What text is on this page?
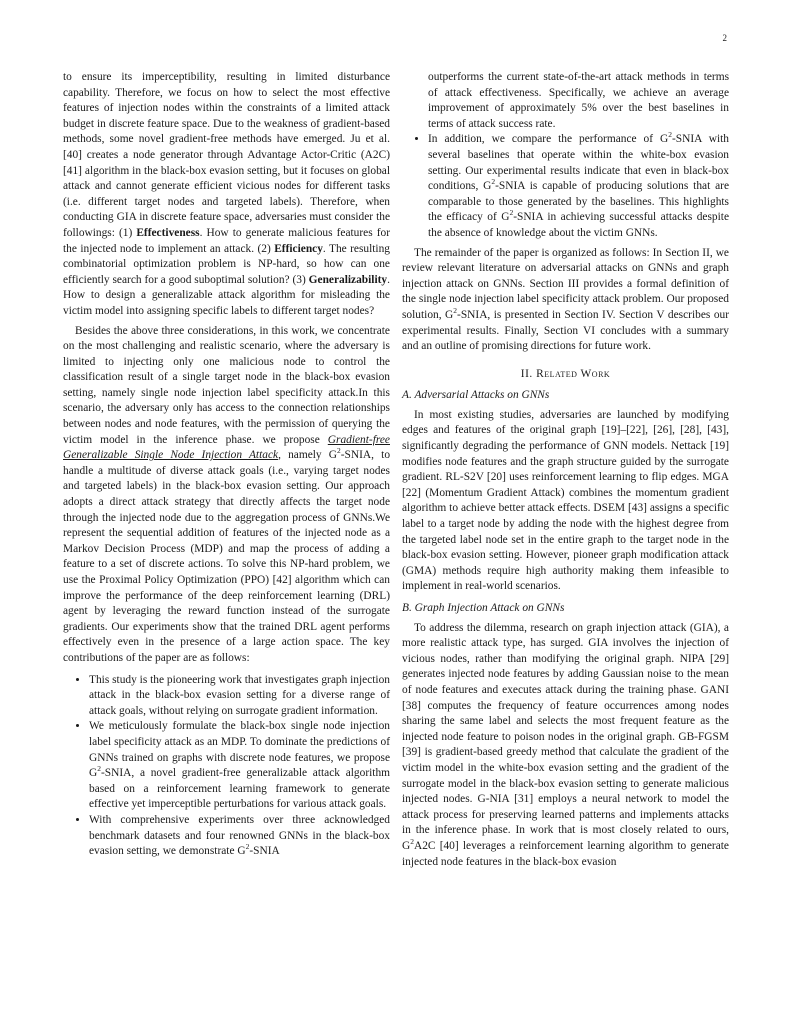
2

to ensure its imperceptibility, resulting in limited disturbance capability. Therefore, we focus on how to select the most effective features of injection nodes within the constraints of a limited attack budget in discrete feature space. Due to the weakness of gradient-based methods, some novel gradient-free methods have emerged. Ju et al. [40] creates a node generator through Advantage Actor-Critic (A2C) [41] algorithm in the black-box evasion setting, but it focuses on global attack and cannot generate efficient vicious nodes for different tasks (i.e. different target nodes and targeted labels). Therefore, when conducting GIA in discrete feature space, adversaries must consider the followings: (1) Effectiveness. How to generate malicious features for the injected node to implement an attack. (2) Efficiency. The resulting combinatorial optimization problem is NP-hard, so how can one efficiently search for a good suboptimal solution? (3) Generalizability. How to design a generalizable attack algorithm for misleading the victim model into assigning specific labels to different target nodes?

Besides the above three considerations, in this work, we concentrate on the most challenging and realistic scenario, where the adversary is limited to injecting only one malicious node to control the classification result of a single target node in the black-box evasion setting, namely single node injection label specificity attack.In this scenario, the adversary only has access to the connection relationships between nodes and node features, with the permission of querying the victim model in the inference phase. we propose Gradient-free Generalizable Single Node Injection Attack, namely $G^2$-SNIA, to handle a multitude of diverse attack goals (i.e., varying target nodes and targeted labels) in the black-box evasion setting. Our approach adopts a direct attack strategy that directly affects the target node through the injected node due to the aggregation process of GNNs.We represent the sequential addition of features of the injected node as a Markov Decision Process (MDP) and map the process of adding a feature to a set of discrete actions. To solve this NP-hard problem, we use the Proximal Policy Optimization (PPO) [42] algorithm which can improve the performance of the deep reinforcement learning (DRL) agent by leveraging the reward function instead of the surrogate gradients. Our experiments show that the trained DRL agent performs effectively even in the presence of a large action space. The key contributions of the paper are as follows:

• This study is the pioneering work that investigates graph injection attack in the black-box evasion setting for a diverse range of attack goals, without relying on surrogate gradient information.
• We meticulously formulate the black-box single node injection label specificity attack as an MDP. To dominate the predictions of GNNs trained on graphs with discrete node features, we propose $G^2$-SNIA, a novel gradient-free generalizable attack algorithm based on a reinforcement learning framework to generate effective yet imperceptible perturbations for various attack goals.
• With comprehensive experiments over three acknowledged benchmark datasets and four renowned GNNs in the black-box evasion setting, we demonstrate $G^2$-SNIA

outperforms the current state-of-the-art attack methods in terms of attack effectiveness. Specifically, we achieve an average improvement of approximately 5% over the best baselines in terms of attack success rate.

• In addition, we compare the performance of $G^2$-SNIA with several baselines that operate within the white-box evasion setting. Our experimental results indicate that even in black-box conditions, $G^2$-SNIA is capable of producing solutions that are comparable to those generated by the baselines. This highlights the efficacy of $G^2$-SNIA in achieving successful attacks despite the absence of knowledge about the victim GNNs.

The remainder of the paper is organized as follows: In Section II, we review relevant literature on adversarial attacks on GNNs and graph injection attack on GNNs. Section III provides a formal definition of the single node injection label specificity attack problem. Our proposed solution, $G^2$-SNIA, is presented in Section IV. Section V describes our experimental results. Finally, Section VI concludes with a summary and an outline of promising directions for future work.

II. Related Work
A. Adversarial Attacks on GNNs

In most existing studies, adversaries are launched by modifying edges and features of the original graph [19]–[22], [26], [28], [43], significantly degrading the performance of GNN models. Nettack [19] modifies node features and the graph structure guided by the surrogate gradient. RL-S2V [20] uses reinforcement learning to flip edges. MGA [22] (Momentum Gradient Attack) combines the momentum gradient algorithm to achieve better attack effects. DSEM [43] assigns a specific label to a target node by adding the node with the highest degree from the targeted label node set in the entire graph to the target node in the black-box evasion setting. However, pioneer graph modification attack (GMA) methods require high authority making them infeasible to implement in real-world scenarios.

B. Graph Injection Attack on GNNs

To address the dilemma, research on graph injection attack (GIA), a more realistic attack type, has surged. GIA involves the injection of vicious nodes, rather than modifying the original graph. NIPA [29] generates injected node features by adding Gaussian noise to the mean of node features and executes attack during the training phase. GANI [38] computes the frequency of feature occurrences among nodes sharing the same label and selects the most frequent feature as the injected node feature to poison nodes in the original graph. GB-FGSM [39] is gradient-based greedy method that calculate the gradient of the victim model in the white-box evasion setting and the gradient of the surrogate model in the black-box evasion setting to generate malicious injected nodes. G-NIA [31] employs a neural network to model the attack process for preserving learned patterns and implements attacks in the inference phase. In work that is most closely related to ours, $G^2A2C$ [40] leverages a reinforcement learning algorithm to generate injected node features in the black-box evasion
